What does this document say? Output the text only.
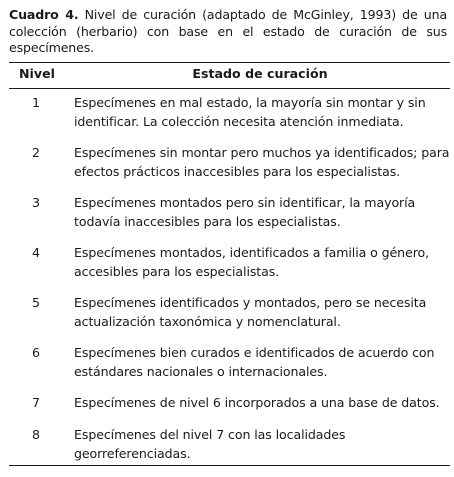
Cuadro 4. Nivel de curación (adaptado de McGinley, 1993) de una colección (herbario) con base en el estado de curación de sus especímenes.
Nivel	Estado de curación
1	Especímenes en mal estado, la mayoría sin montar y sin identificar. La colección necesita atención inmediata.
2	Especímenes sin montar pero muchos ya identificados; para efectos prácticos inaccesibles para los especialistas.
3	Especímenes montados pero sin identificar, la mayoría todavía inaccesibles para los especialistas.
4	Especímenes montados, identificados a familia o género, accesibles para los especialistas.
5	Especímenes identificados y montados, pero se necesita actualización taxonómica y nomenclatural.
6	Especímenes bien curados e identificados de acuerdo con estándares nacionales o internacionales.
7	Especímenes de nivel 6 incorporados a una base de datos.
8	Especímenes del nivel 7 con las localidades georreferenciadas.
